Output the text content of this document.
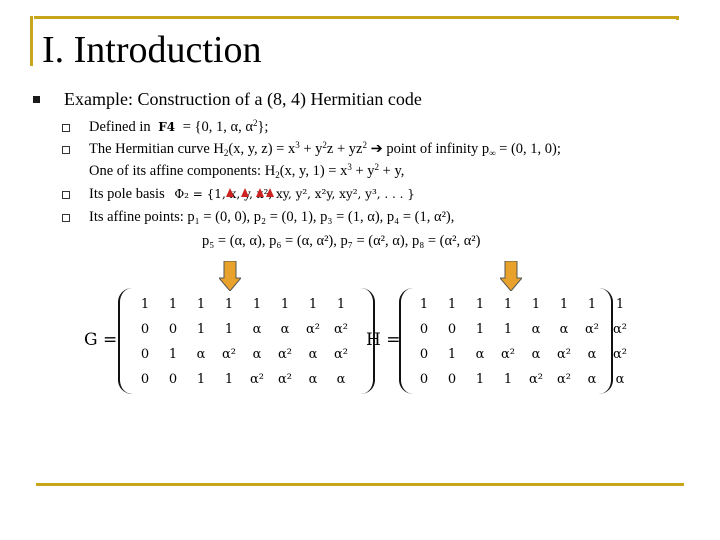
I. Introduction
Example: Construction of a (8, 4) Hermitian code
Defined in F4 = {0, 1, α, $\alpha^2$};
The Hermitian curve $H_2(x$, y, $z) = x^3 + y^2z + yz^2$ ➔ point of infinity $p_\infty = (0$, 1, 0);
One of its affine components: $H_2(x$, y, $1) = x^3 + y^2 + y$,
Its pole basis Φ₂ = {1, x, y, x², xy, y², x²y, xy², y³, . . . }
Its affine points: p₁ = (0, 0), p₂ = (0, 1), p₃ = (1, α), p₄ = (1, α²),
p₅ = (α, α), p₆ = (α, α²), p₇ = (α², α), p₈ = (α², α²)
G =
1	1	1	1	1	1	1	1
0	0	1	1	α	α	α²	α²
0	1	α	α²	α	α²	α	α²
0	0	1	1	α²	α²	α	α
H =
1	1	1	1	1	1	1	1
0	0	1	1	α	α	α²	α²
0	1	α	α²	α	α²	α	α²
0	0	1	1	α²	α²	α	α
